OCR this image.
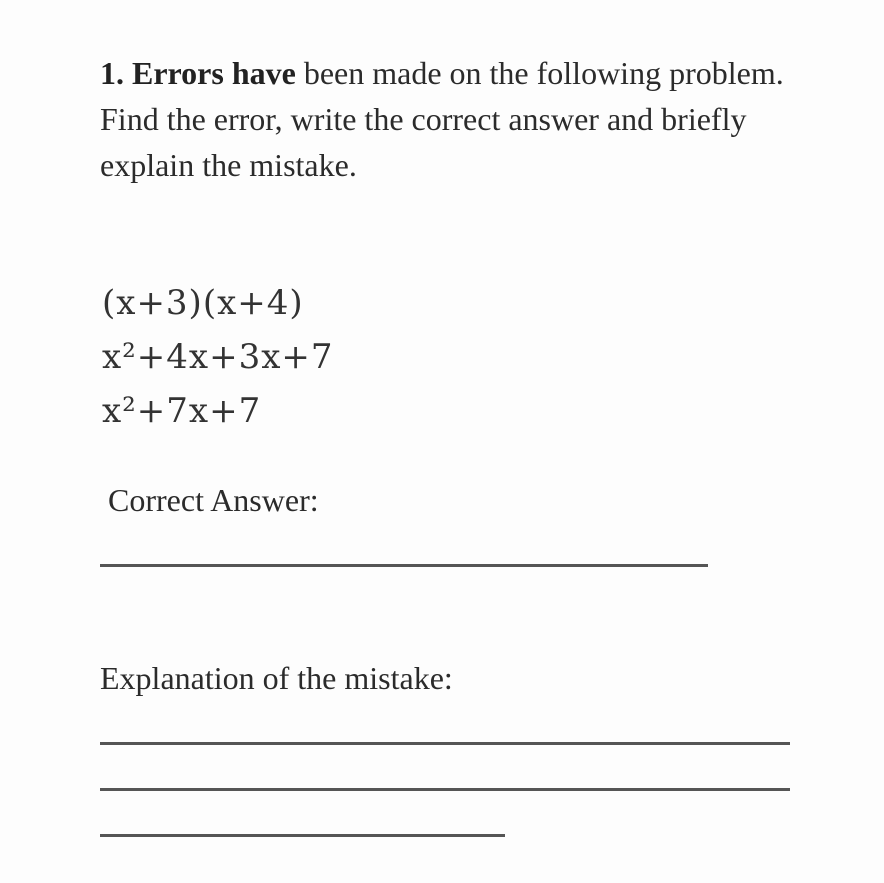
1. Errors have been made on the following problem. Find the error, write the correct answer and briefly explain the mistake.
(x+3)(x+4)
x²+4x+3x+7
x²+7x+7
Correct Answer:
Explanation of the mistake:
